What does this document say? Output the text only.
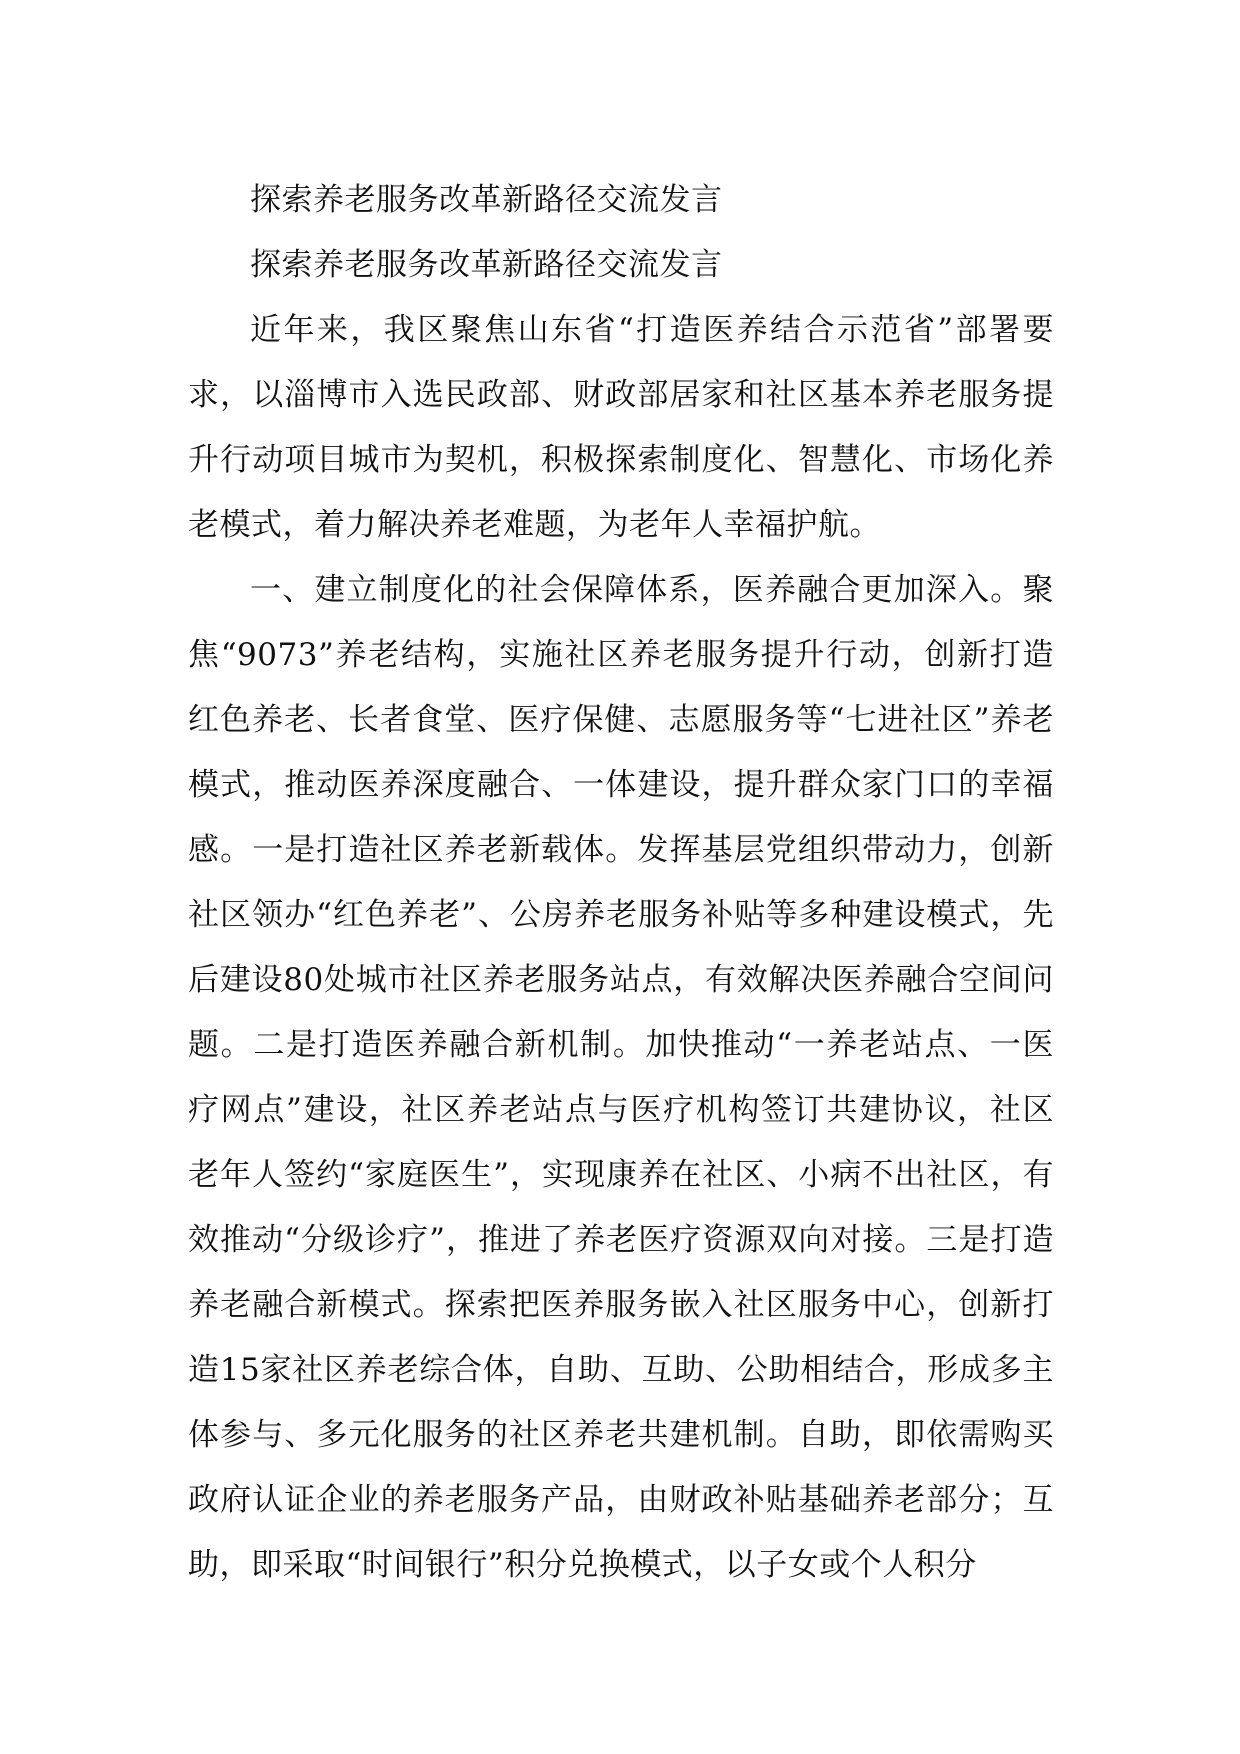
探索养老服务改革新路径交流发言

探索养老服务改革新路径交流发言

近年来，我区聚焦山东省“打造医养结合示范省”部署要求，以淄博市入选民政部、财政部居家和社区基本养老服务提升行动项目城市为契机，积极探索制度化、智慧化、市场化养老模式，着力解决养老难题，为老年人幸福护航。

一、建立制度化的社会保障体系，医养融合更加深入。聚焦“9073”养老结构，实施社区养老服务提升行动，创新打造红色养老、长者食堂、医疗保健、志愿服务等“七进社区”养老模式，推动医养深度融合、一体建设，提升群众家门口的幸福感。一是打造社区养老新载体。发挥基层党组织带动力，创新社区领办“红色养老”、公房养老服务补贴等多种建设模式，先后建设80处城市社区养老服务站点，有效解决医养融合空间问题。二是打造医养融合新机制。加快推动“一养老站点、一医疗网点”建设，社区养老站点与医疗机构签订共建协议，社区老年人签约“家庭医生”，实现康养在社区、小病不出社区，有效推动“分级诊疗”，推进了养老医疗资源双向对接。三是打造养老融合新模式。探索把医养服务嵌入社区服务中心，创新打造15家社区养老综合体，自助、互助、公助相结合，形成多主体参与、多元化服务的社区养老共建机制。自助，即依需购买政府认证企业的养老服务产品，由财政补贴基础养老部分；互助，即采取“时间银行”积分兑换模式，以子女或个人积分
